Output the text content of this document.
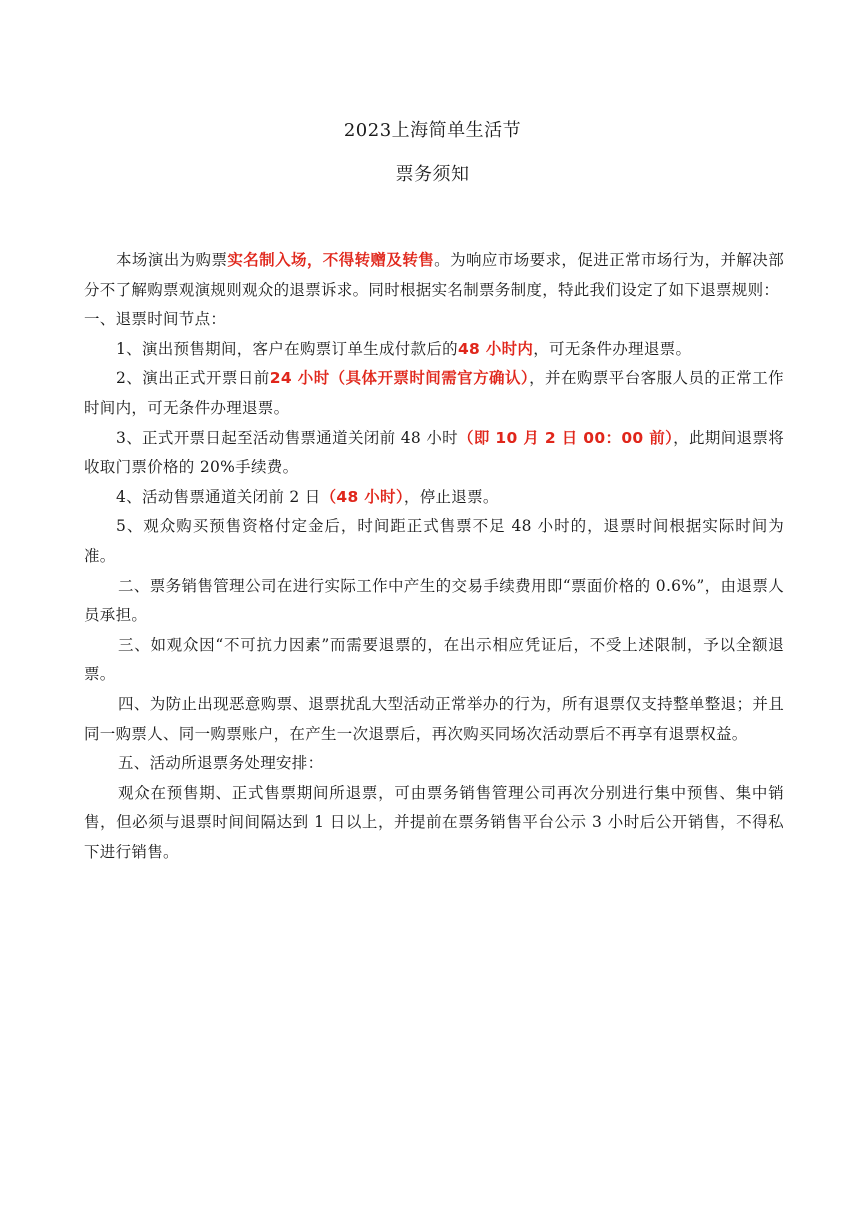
2023上海简单生活节
票务须知

本场演出为购票实名制入场，不得转赠及转售。为响应市场要求，促进正常市场行为，并解决部分不了解购票观演规则观众的退票诉求。同时根据实名制票务制度，特此我们设定了如下退票规则：

一、退票时间节点：

1、演出预售期间，客户在购票订单生成付款后的48 小时内，可无条件办理退票。

2、演出正式开票日前24 小时（具体开票时间需官方确认），并在购票平台客服人员的正常工作时间内，可无条件办理退票。

3、正式开票日起至活动售票通道关闭前 48 小时（即 10 月 2 日 00：00 前），此期间退票将收取门票价格的 20%手续费。

4、活动售票通道关闭前 2 日（48 小时），停止退票。

5、观众购买预售资格付定金后，时间距正式售票不足 48 小时的，退票时间根据实际时间为准。

二、票务销售管理公司在进行实际工作中产生的交易手续费用即“票面价格的 0.6%”，由退票人员承担。

三、如观众因“不可抗力因素”而需要退票的，在出示相应凭证后，不受上述限制，予以全额退票。

四、为防止出现恶意购票、退票扰乱大型活动正常举办的行为，所有退票仅支持整单整退；并且同一购票人、同一购票账户，在产生一次退票后，再次购买同场次活动票后不再享有退票权益。

五、活动所退票务处理安排：

观众在预售期、正式售票期间所退票，可由票务销售管理公司再次分别进行集中预售、集中销售，但必须与退票时间间隔达到 1 日以上，并提前在票务销售平台公示 3 小时后公开销售，不得私下进行销售。
